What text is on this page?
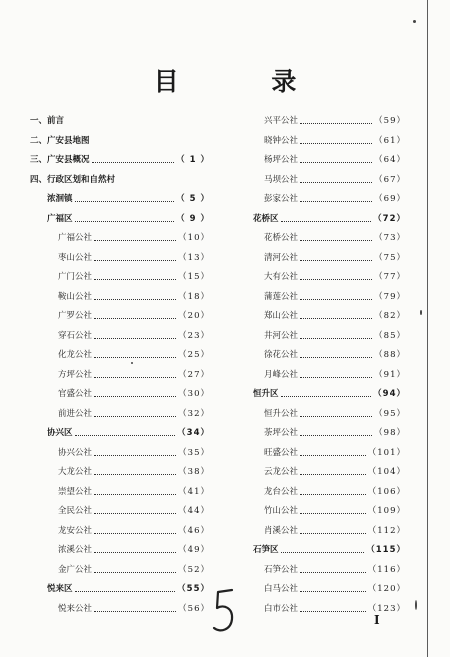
目 录
一、前言
二、广安县地图
三、广安县概况	（ 1 ）
四、行政区划和自然村
浓洄镇	（ 5 ）
广福区	（ 9 ）
广福公社	（10）
枣山公社	（13）
广门公社	（15）
鞍山公社	（18）
广罗公社	（20）
穿石公社	（23）
化龙公社	（25）
方坪公社	（27）
官盛公社	（30）
前进公社	（32）
协兴区	（34）
协兴公社	（35）
大龙公社	（38）
崇望公社	（41）
全民公社	（44）
龙安公社	（46）
浓溪公社	（49）
金广公社	（52）
悦来区	（55）
悦来公社	（56）
兴平公社	（59）
晓钟公社	（61）
杨坪公社	（64）
马坝公社	（67）
彭家公社	（69）
花桥区	（72）
花桥公社	（73）
清河公社	（75）
大有公社	（77）
蒲莲公社	（79）
郑山公社	（82）
井河公社	（85）
徐花公社	（88）
月峰公社	（91）
恒升区	（94）
恒升公社	（95）
荼坪公社	（98）
旺盛公社	（101）
云龙公社	（104）
龙台公社	（106）
竹山公社	（109）
肖溪公社	（112）
石笋区	（115）
石笋公社	（116）
白马公社	（120）
白市公社	（123）
I
